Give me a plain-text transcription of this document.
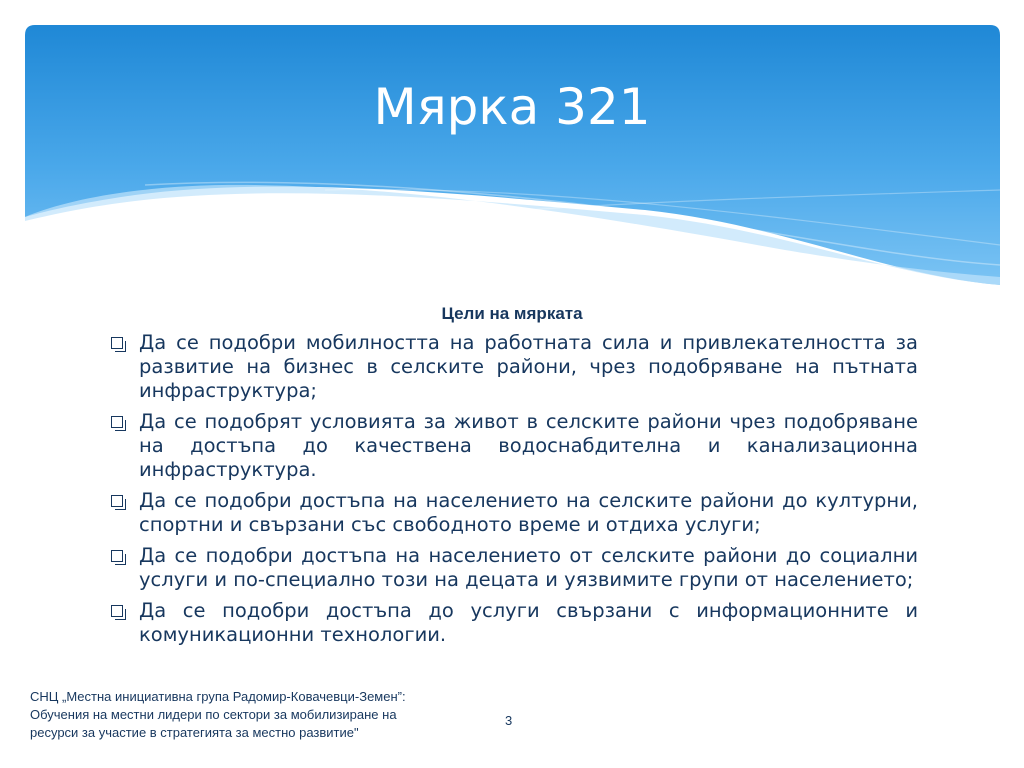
Мярка 321
Цели на мярката
Да се подобри мобилността на работната сила и привлекателността за развитие на бизнес в селските райони, чрез подобряване на пътната инфраструктура;
Да се подобрят условията за живот в селските райони чрез подобряване на достъпа до качествена водоснабдителна и канализационна инфраструктура.
Да се подобри достъпа на населението на селските райони до културни, спортни и свързани със свободното време и отдиха услуги;
Да се подобри достъпа на населението от селските райони до социални услуги и по-специално този на децата и уязвимите групи от населението;
Да се подобри достъпа до услуги свързани с информационните и комуникационни технологии.
СНЦ „Местна инициативна група Радомир-Ковачевци-Земен”: Обучения на местни лидери по сектори за мобилизиране на ресурси за участие в стратегията за местно развитие"
3
